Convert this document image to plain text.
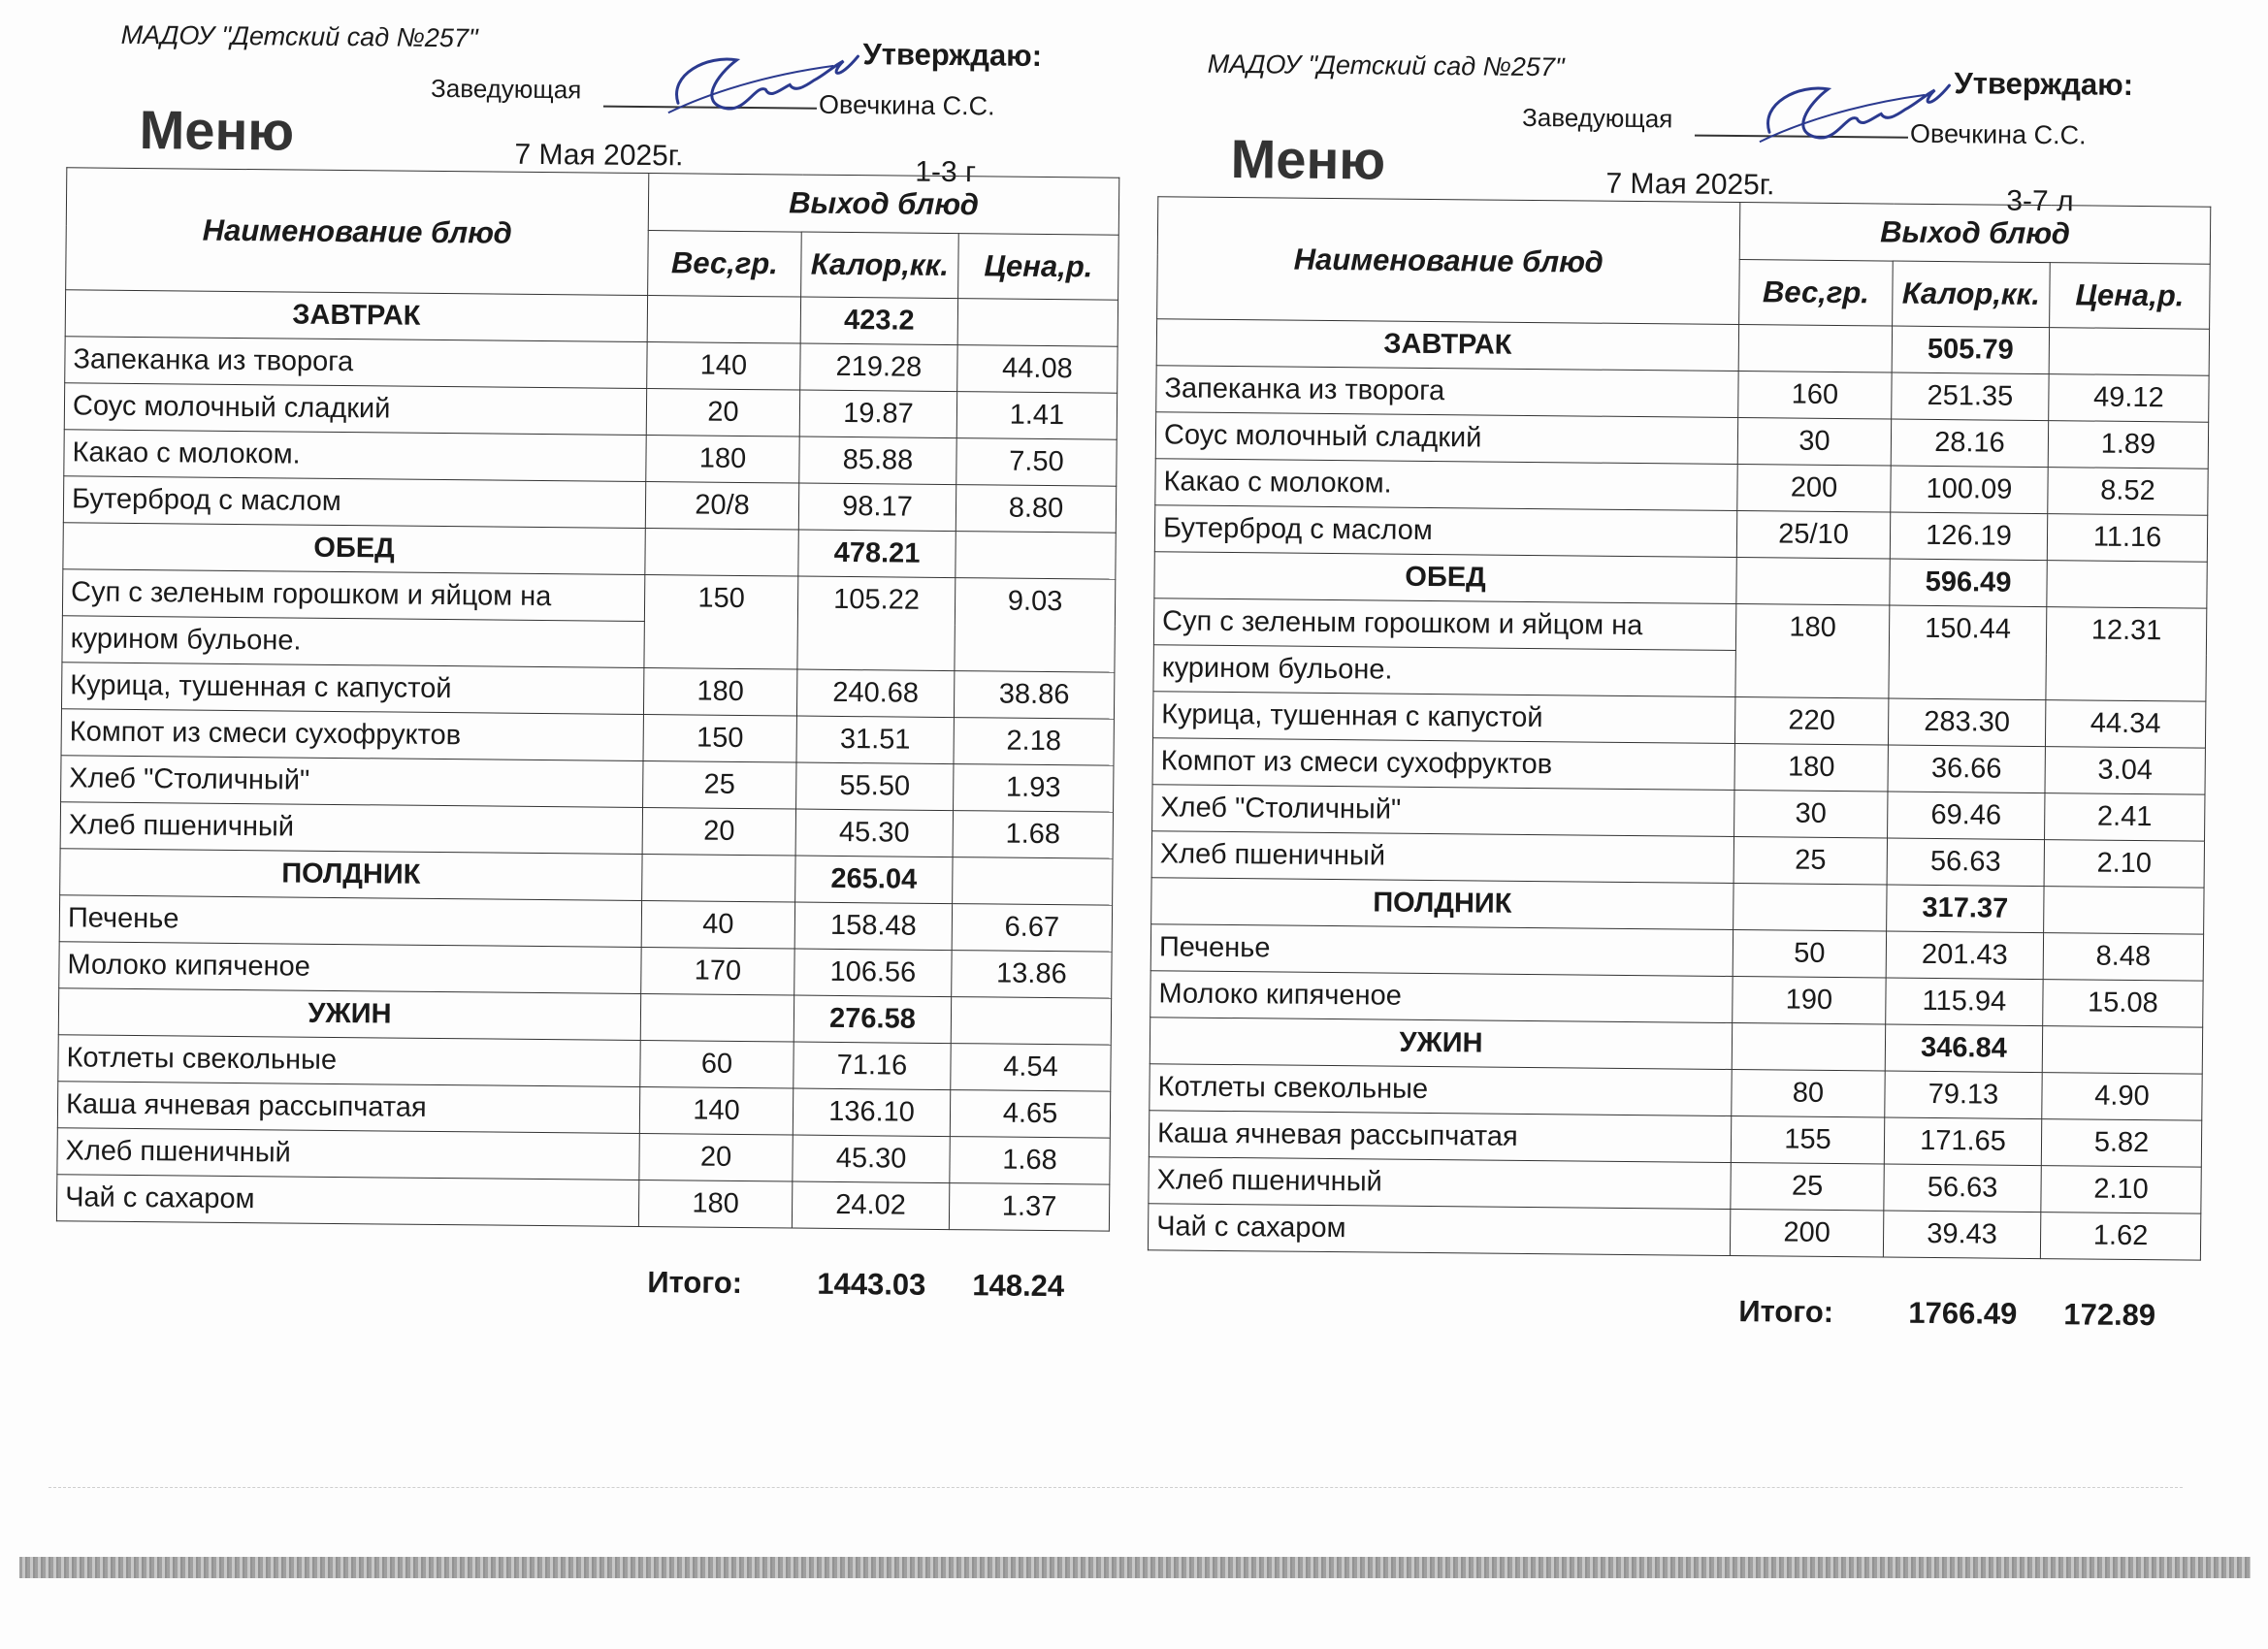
МАДОУ "Детский сад №257"
Утверждаю:
Заведующая
Овечкина С.С.
Меню	7 Мая 2025г.
1-3 г
Наименование блюд	Выход блюд		
	Вес,гр.	Калор,кк.	Цена,р.
ЗАВТРАК		423.2	
Запеканка из творога	140	219.28	44.08
Соус молочный сладкий	20	19.87	1.41
Какао с молоком.	180	85.88	7.50
Бутерброд с маслом	20/8	98.17	8.80
ОБЕД		478.21	
Суп с зеленым горошком и яйцом на	150	105.22	9.03
курином бульоне.			
Курица, тушенная с капустой	180	240.68	38.86
Компот из смеси сухофруктов	150	31.51	2.18
Хлеб "Столичный"	25	55.50	1.93
Хлеб пшеничный	20	45.30	1.68
ПОЛДНИК		265.04	
Печенье	40	158.48	6.67
Молоко кипяченое	170	106.56	13.86
УЖИН		276.58	
Котлеты свекольные	60	71.16	4.54
Каша ячневая рассыпчатая	140	136.10	4.65
Хлеб пшеничный	20	45.30	1.68
Чай с сахаром	180	24.02	1.37
Итого: 1443.03 148.24
МАДОУ "Детский сад №257"
Утверждаю:
Заведующая
Овечкина С.С.
Меню	7 Мая 2025г.
3-7 л
Наименование блюд	Выход блюд		
	Вес,гр.	Калор,кк.	Цена,р.
ЗАВТРАК		505.79	
Запеканка из творога	160	251.35	49.12
Соус молочный сладкий	30	28.16	1.89
Какао с молоком.	200	100.09	8.52
Бутерброд с маслом	25/10	126.19	11.16
ОБЕД		596.49	
Суп с зеленым горошком и яйцом на	180	150.44	12.31
курином бульоне.			
Курица, тушенная с капустой	220	283.30	44.34
Компот из смеси сухофруктов	180	36.66	3.04
Хлеб "Столичный"	30	69.46	2.41
Хлеб пшеничный	25	56.63	2.10
ПОЛДНИК		317.37	
Печенье	50	201.43	8.48
Молоко кипяченое	190	115.94	15.08
УЖИН		346.84	
Котлеты свекольные	80	79.13	4.90
Каша ячневая рассыпчатая	155	171.65	5.82
Хлеб пшеничный	25	56.63	2.10
Чай с сахаром	200	39.43	1.62
Итого: 1766.49 172.89
